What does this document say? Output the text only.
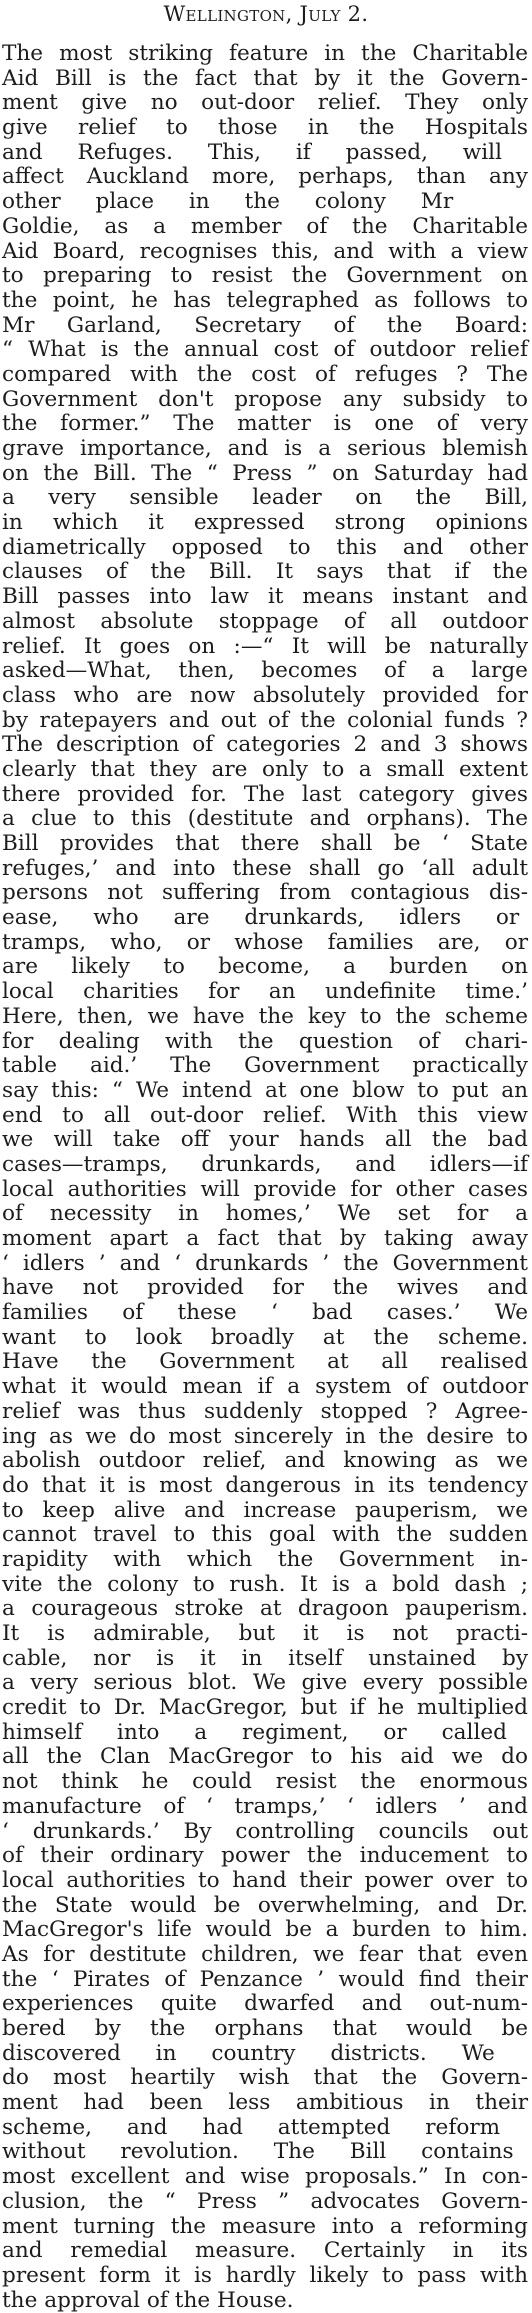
Wellington, July 2.
The most striking feature in the Charitable
Aid Bill is the fact that by it the Govern-
ment give no out-door relief. They only
give relief to those in the Hospitals
and Refuges. This, if passed, will
affect Auckland more, perhaps, than any
other place in the colony Mr
Goldie, as a member of the Charitable
Aid Board, recognises this, and with a view
to preparing to resist the Government on
the point, he has telegraphed as follows to
Mr Garland, Secretary of the Board:
“ What is the annual cost of outdoor relief
compared with the cost of refuges ? The
Government don't propose any subsidy to
the former.” The matter is one of very
grave importance, and is a serious blemish
on the Bill. The “ Press ” on Saturday had
a very sensible leader on the Bill,
in which it expressed strong opinions
diametrically opposed to this and other
clauses of the Bill. It says that if the
Bill passes into law it means instant and
almost absolute stoppage of all outdoor
relief. It goes on :—“ It will be naturally
asked—What, then, becomes of a large
class who are now absolutely provided for
by ratepayers and out of the colonial funds ?
The description of categories 2 and 3 shows
clearly that they are only to a small extent
there provided for. The last category gives
a clue to this (destitute and orphans). The
Bill provides that there shall be ‘ State
refuges,’ and into these shall go ‘all adult
persons not suffering from contagious dis-
ease, who are drunkards, idlers or
tramps, who, or whose families are, or
are likely to become, a burden on
local charities for an undefinite time.’
Here, then, we have the key to the scheme
for dealing with the question of chari-
table aid.’ The Government practically
say this: “ We intend at one blow to put an
end to all out-door relief. With this view
we will take off your hands all the bad
cases—tramps, drunkards, and idlers—if
local authorities will provide for other cases
of necessity in homes,’ We set for a
moment apart a fact that by taking away
‘ idlers ’ and ‘ drunkards ’ the Government
have not provided for the wives and
families of these ‘ bad cases.’ We
want to look broadly at the scheme.
Have the Government at all realised
what it would mean if a system of outdoor
relief was thus suddenly stopped ? Agree-
ing as we do most sincerely in the desire to
abolish outdoor relief, and knowing as we
do that it is most dangerous in its tendency
to keep alive and increase pauperism, we
cannot travel to this goal with the sudden
rapidity with which the Government in-
vite the colony to rush. It is a bold dash ;
a courageous stroke at dragoon pauperism.
It is admirable, but it is not practi-
cable, nor is it in itself unstained by
a very serious blot. We give every possible
credit to Dr. MacGregor, but if he multiplied
himself into a regiment, or called
all the Clan MacGregor to his aid we do
not think he could resist the enormous
manufacture of ‘ tramps,’ ‘ idlers ’ and
‘ drunkards.’ By controlling councils out
of their ordinary power the inducement to
local authorities to hand their power over to
the State would be overwhelming, and Dr.
MacGregor's life would be a burden to him.
As for destitute children, we fear that even
the ‘ Pirates of Penzance ’ would find their
experiences quite dwarfed and out-num-
bered by the orphans that would be
discovered in country districts. We
do most heartily wish that the Govern-
ment had been less ambitious in their
scheme, and had attempted reform
without revolution. The Bill contains
most excellent and wise proposals.” In con-
clusion, the “ Press ” advocates Govern-
ment turning the measure into a reforming
and remedial measure. Certainly in its
present form it is hardly likely to pass with
the approval of the House.
